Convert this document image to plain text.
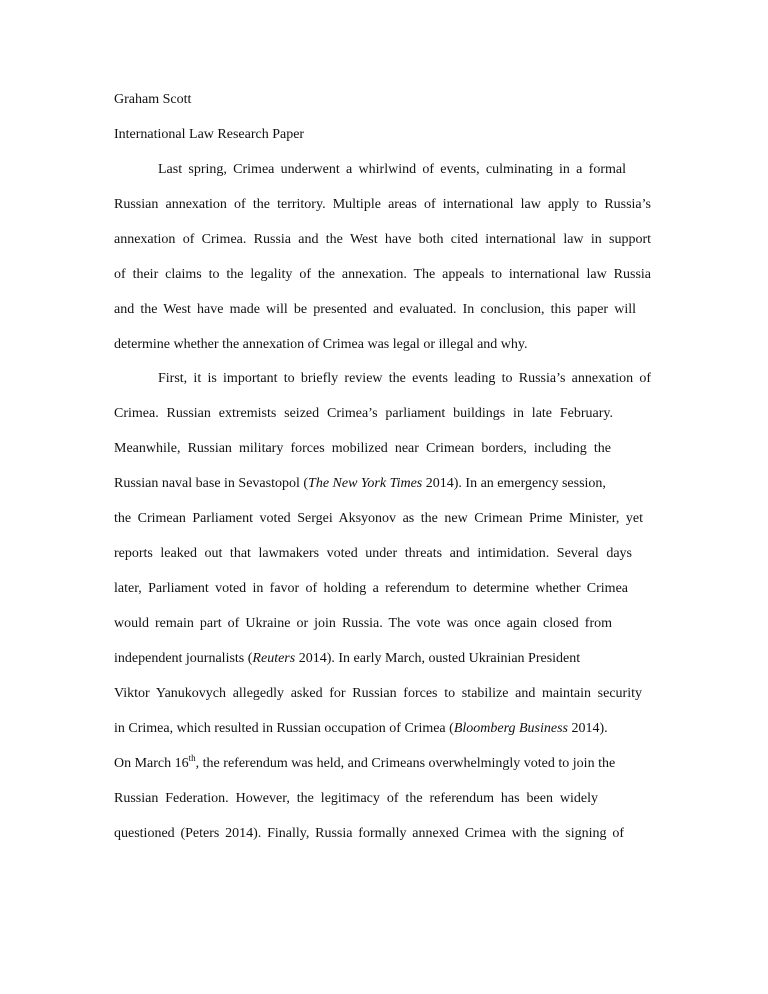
Graham Scott
International Law Research Paper
Last spring, Crimea underwent a whirlwind of events, culminating in a formal
Russian annexation of the territory. Multiple areas of international law apply to Russia’s
annexation of Crimea. Russia and the West have both cited international law in support
of their claims to the legality of the annexation. The appeals to international law Russia
and the West have made will be presented and evaluated. In conclusion, this paper will
determine whether the annexation of Crimea was legal or illegal and why.
First, it is important to briefly review the events leading to Russia’s annexation of
Crimea. Russian extremists seized Crimea’s parliament buildings in late February.
Meanwhile, Russian military forces mobilized near Crimean borders, including the
Russian naval base in Sevastopol (The New York Times 2014). In an emergency session,
the Crimean Parliament voted Sergei Aksyonov as the new Crimean Prime Minister, yet
reports leaked out that lawmakers voted under threats and intimidation. Several days
later, Parliament voted in favor of holding a referendum to determine whether Crimea
would remain part of Ukraine or join Russia. The vote was once again closed from
independent journalists (Reuters 2014). In early March, ousted Ukrainian President
Viktor Yanukovych allegedly asked for Russian forces to stabilize and maintain security
in Crimea, which resulted in Russian occupation of Crimea (Bloomberg Business 2014).
On March 16th, the referendum was held, and Crimeans overwhelmingly voted to join the
Russian Federation. However, the legitimacy of the referendum has been widely
questioned (Peters 2014). Finally, Russia formally annexed Crimea with the signing of
